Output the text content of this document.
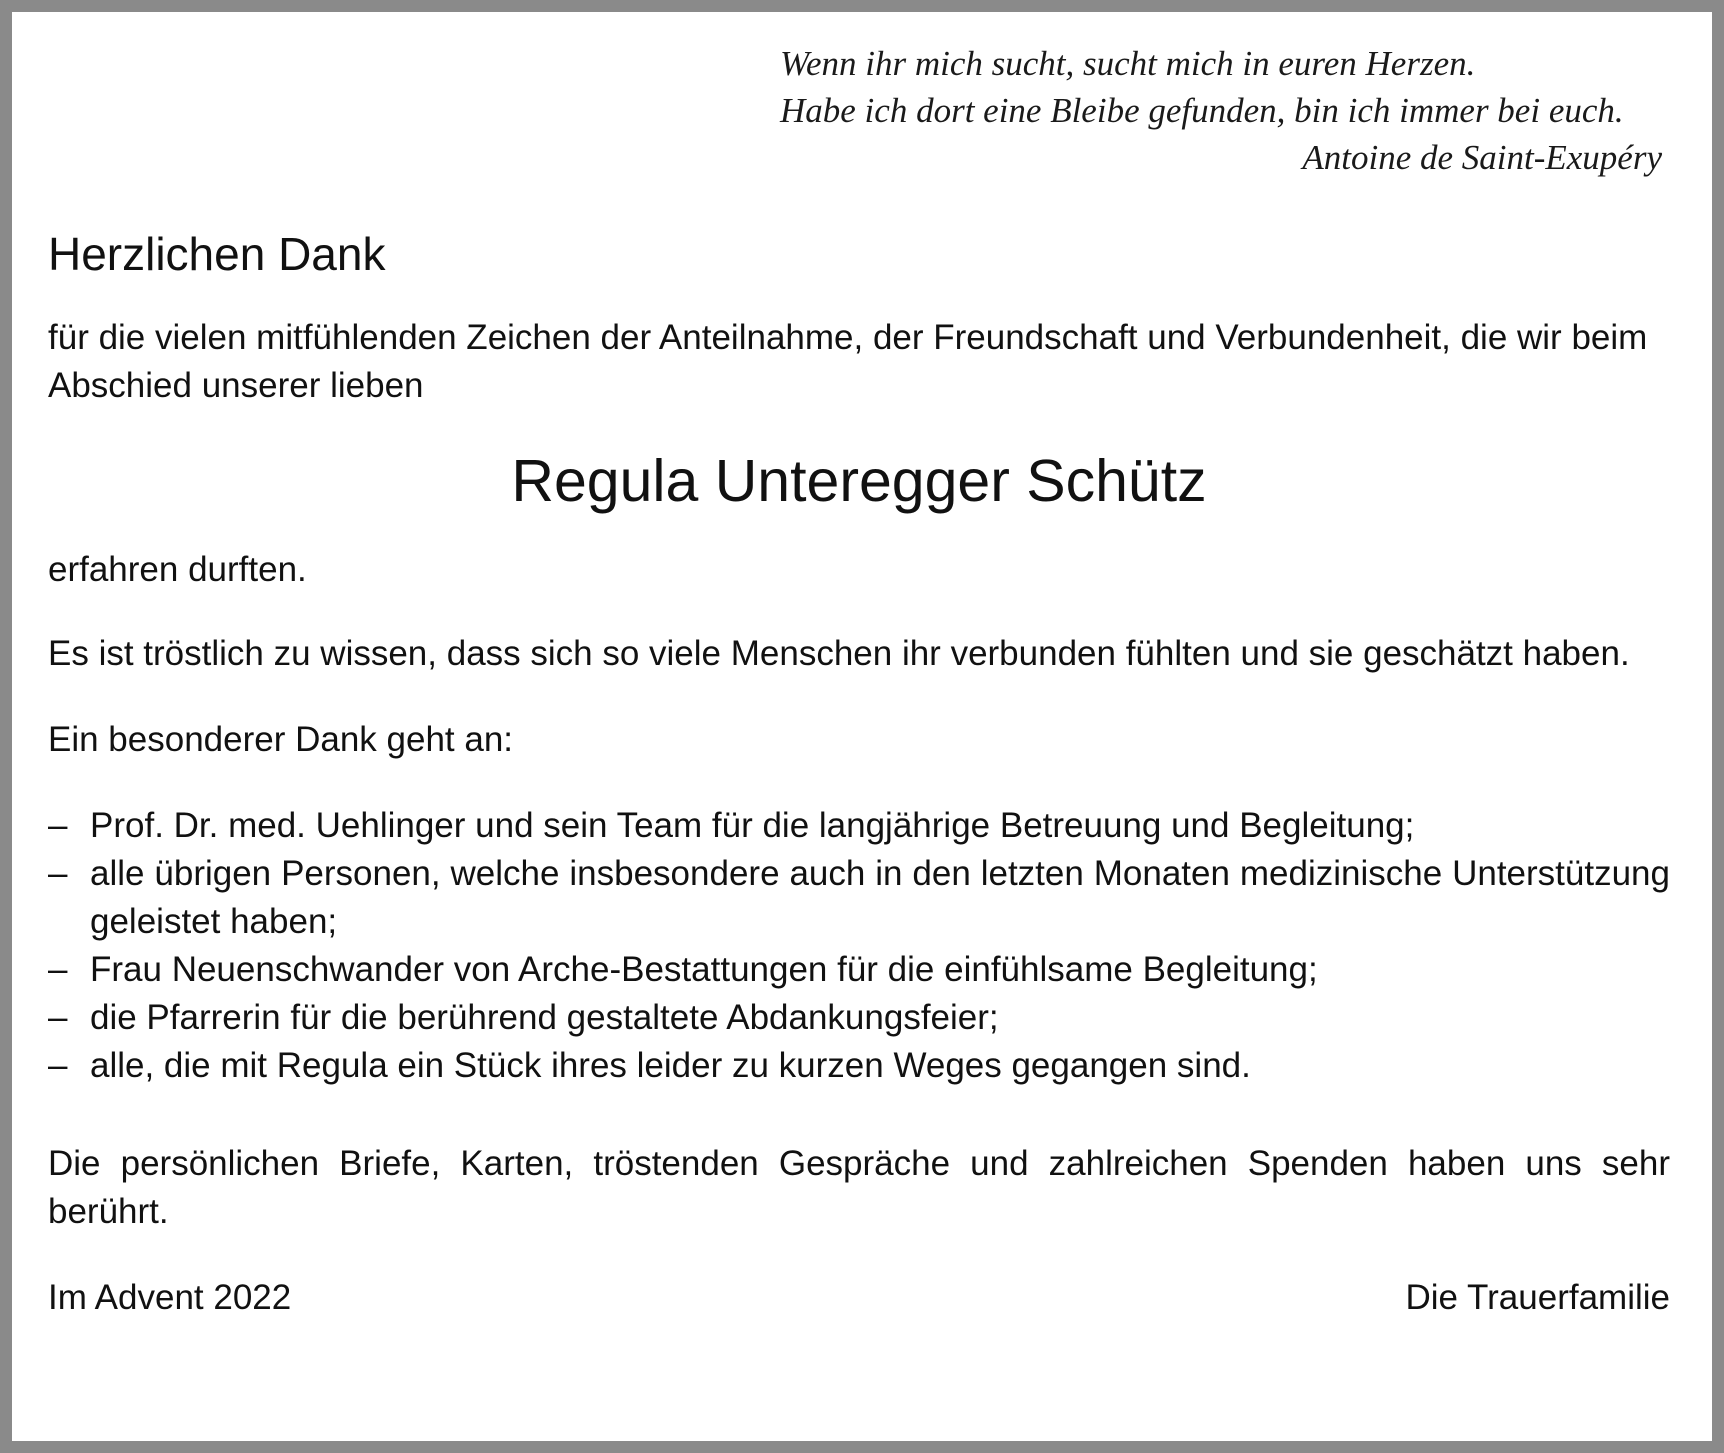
Wenn ihr mich sucht, sucht mich in euren Herzen.
Habe ich dort eine Bleibe gefunden, bin ich immer bei euch.
Antoine de Saint-Exupéry
Herzlichen Dank

für die vielen mitfühlenden Zeichen der Anteilnahme, der Freundschaft und Verbundenheit, die wir beim Abschied unserer lieben

Regula Unteregger Schütz

erfahren durften.

Es ist tröstlich zu wissen, dass sich so viele Menschen ihr verbunden fühlten und sie geschätzt haben.

Ein besonderer Dank geht an:

– Prof. Dr. med. Uehlinger und sein Team für die langjährige Betreuung und Begleitung;
– alle übrigen Personen, welche insbesondere auch in den letzten Monaten medizinische Unterstützung geleistet haben;
– Frau Neuenschwander von Arche-Bestattungen für die einfühlsame Begleitung;
– die Pfarrerin für die berührend gestaltete Abdankungsfeier;
– alle, die mit Regula ein Stück ihres leider zu kurzen Weges gegangen sind.

Die persönlichen Briefe, Karten, tröstenden Gespräche und zahlreichen Spenden haben uns sehr berührt.

Im Advent 2022	Die Trauerfamilie
